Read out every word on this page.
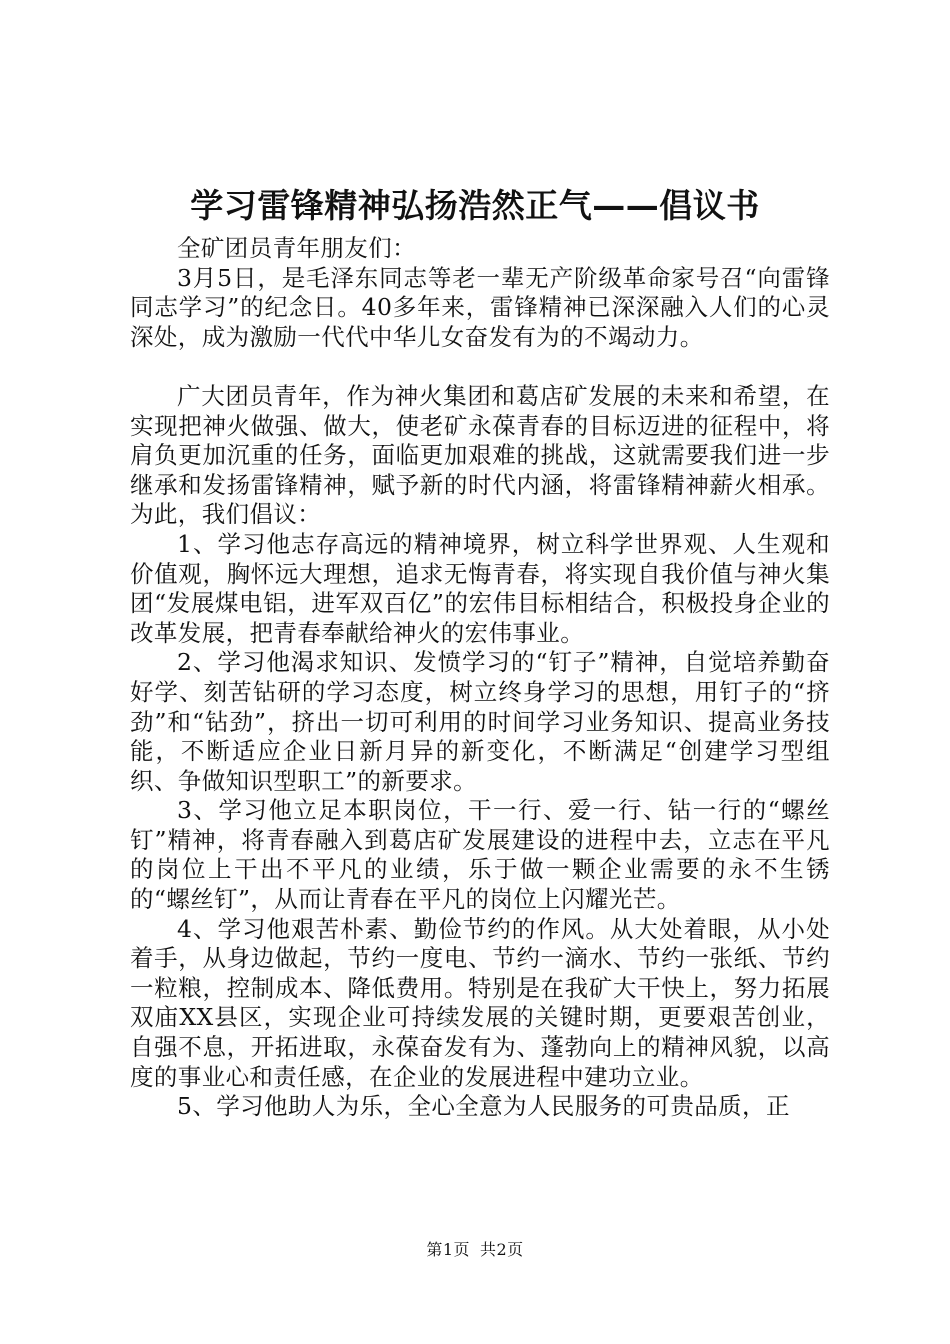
学习雷锋精神弘扬浩然正气——倡议书

全矿团员青年朋友们：

3月5日，是毛泽东同志等老一辈无产阶级革命家号召“向雷锋同志学习”的纪念日。40多年来，雷锋精神已深深融入人们的心灵深处，成为激励一代代中华儿女奋发有为的不竭动力。

广大团员青年，作为神火集团和葛店矿发展的未来和希望，在实现把神火做强、做大，使老矿永葆青春的目标迈进的征程中，将肩负更加沉重的任务，面临更加艰难的挑战，这就需要我们进一步继承和发扬雷锋精神，赋予新的时代内涵，将雷锋精神薪火相承。为此，我们倡议：

1、学习他志存高远的精神境界，树立科学世界观、人生观和价值观，胸怀远大理想，追求无悔青春，将实现自我价值与神火集团“发展煤电铝，进军双百亿”的宏伟目标相结合，积极投身企业的改革发展，把青春奉献给神火的宏伟事业。

2、学习他渴求知识、发愤学习的“钉子”精神，自觉培养勤奋好学、刻苦钻研的学习态度，树立终身学习的思想，用钉子的“挤劲”和“钻劲”，挤出一切可利用的时间学习业务知识、提高业务技能，不断适应企业日新月异的新变化，不断满足“创建学习型组织、争做知识型职工”的新要求。

3、学习他立足本职岗位，干一行、爱一行、钻一行的“螺丝钉”精神，将青春融入到葛店矿发展建设的进程中去，立志在平凡的岗位上干出不平凡的业绩，乐于做一颗企业需要的永不生锈的“螺丝钉”，从而让青春在平凡的岗位上闪耀光芒。

4、学习他艰苦朴素、勤俭节约的作风。从大处着眼，从小处着手，从身边做起，节约一度电、节约一滴水、节约一张纸、节约一粒粮，控制成本、降低费用。特别是在我矿大干快上，努力拓展双庙XX县区，实现企业可持续发展的关键时期，更要艰苦创业，自强不息，开拓进取，永葆奋发有为、蓬勃向上的精神风貌，以高度的事业心和责任感，在企业的发展进程中建功立业。

5、学习他助人为乐，全心全意为人民服务的可贵品质，正

第1页 共2页
